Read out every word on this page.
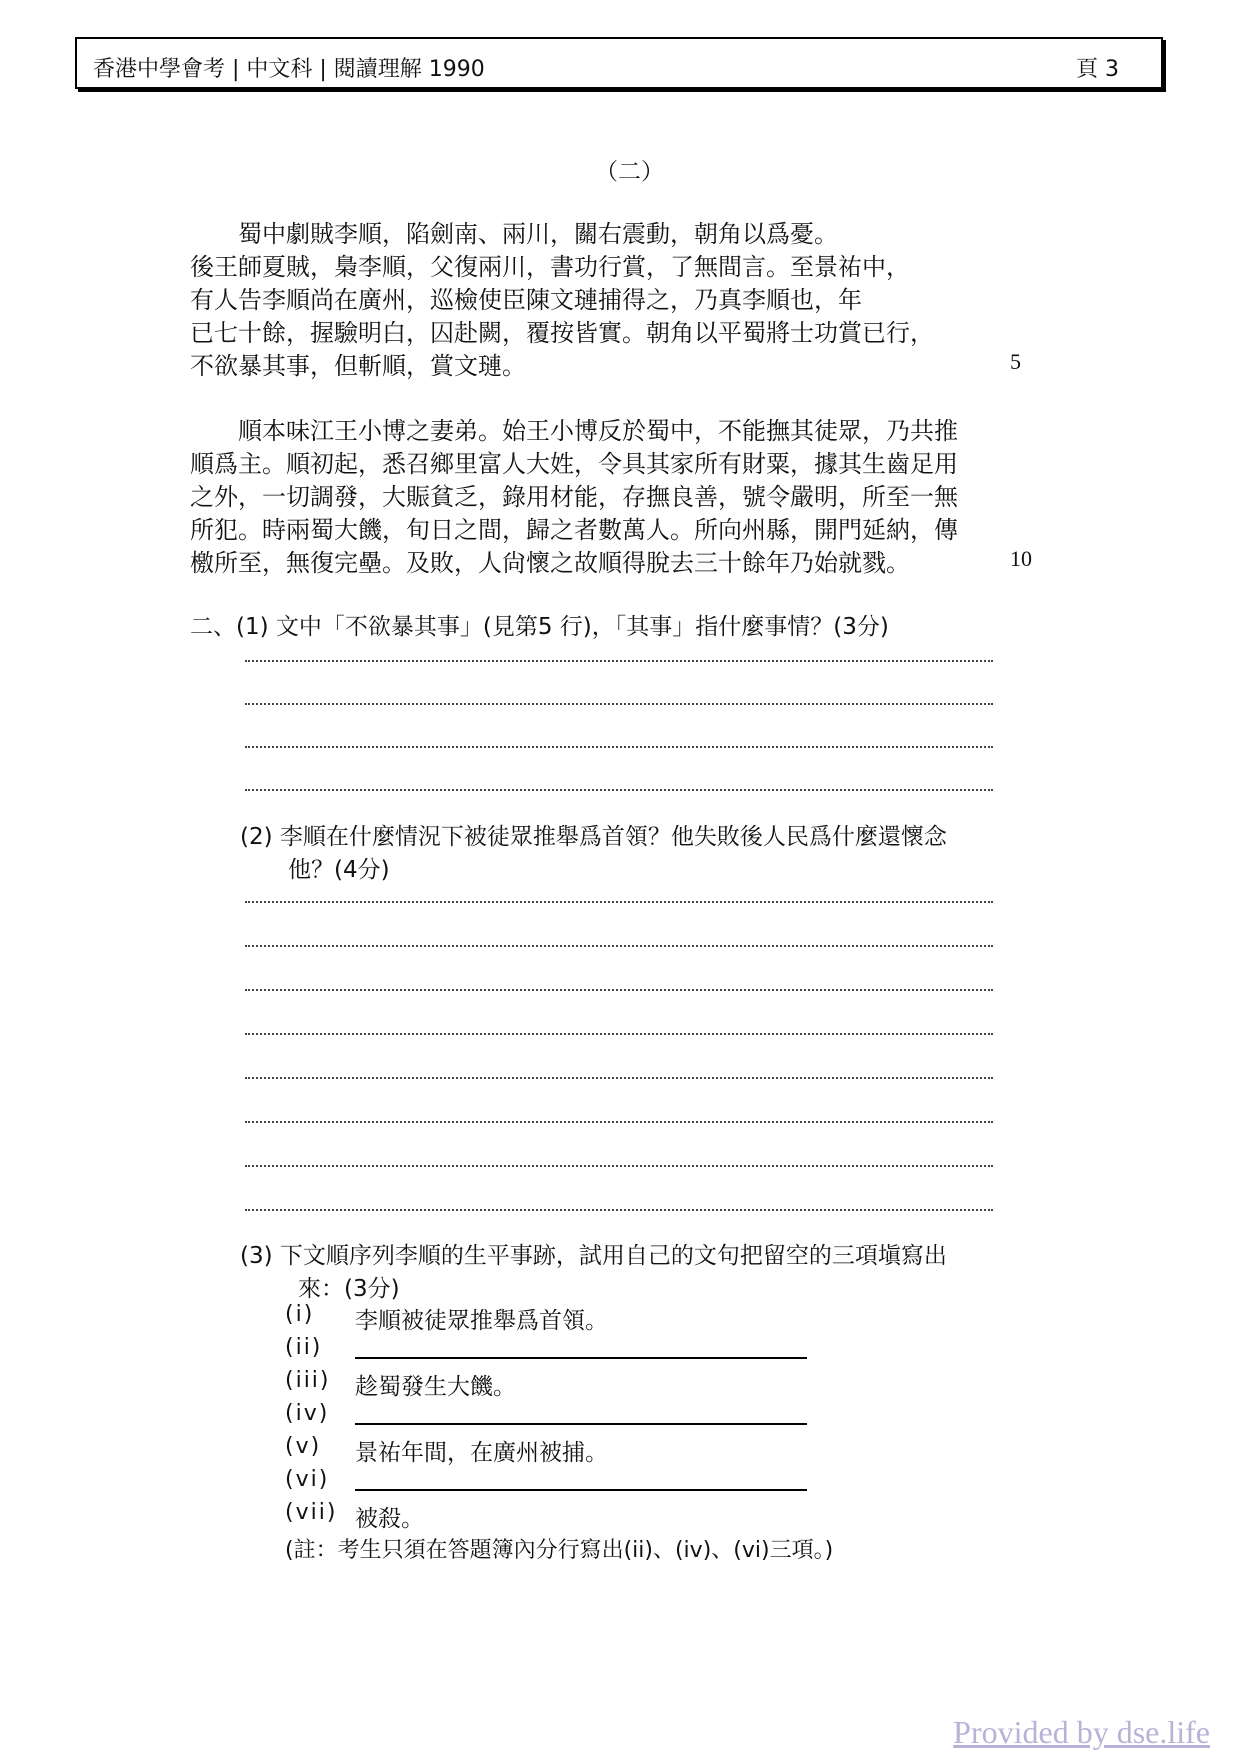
香港中學會考 | 中文科 | 閱讀理解 1990	頁 3
（二）
　　蜀中劇賊李順，陷劍南、兩川，關右震動，朝角以爲憂。
後王師夏賊，梟李順，父復兩川，書功行賞，了無間言。至景祐中，
有人告李順尚在廣州，巡檢使臣陳文璉捕得之，乃真李順也，年
已七十餘，握驗明白，囚赴闕，覆按皆實。朝角以平蜀將士功賞已行，
不欲暴其事，但斬順，賞文璉。	5
　　順本味江王小博之妻弟。始王小博反於蜀中，不能撫其徒眾，乃共推
順爲主。順初起，悉召鄉里富人大姓，令具其家所有財粟，據其生齒足用
之外，一切調發，大賑貧乏，錄用材能，存撫良善，號令嚴明，所至一無
所犯。時兩蜀大饑，旬日之間，歸之者數萬人。所向州縣，開門延納，傳
檄所至，無復完壘。及敗，人尙懷之故順得脫去三十餘年乃始就戮。	10
二、(1) 文中「不欲暴其事」(見第5 行)，「其事」指什麼事情？(3分)
(2) 李順在什麼情況下被徒眾推舉爲首領？他失敗後人民爲什麼還懷念
他？(4分)
(3) 下文順序列李順的生平事跡，試用自己的文句把留空的三項塡寫出
來：(3分)
(i) 李順被徒眾推舉爲首領。
(ii)
(iii) 趁蜀發生大饑。
(iv)
(v) 景祐年間，在廣州被捕。
(vi)
(vii) 被殺。
(註：考生只須在答題簿內分行寫出(ii)、(iv)、(vi)三項。)
Provided by dse.life
